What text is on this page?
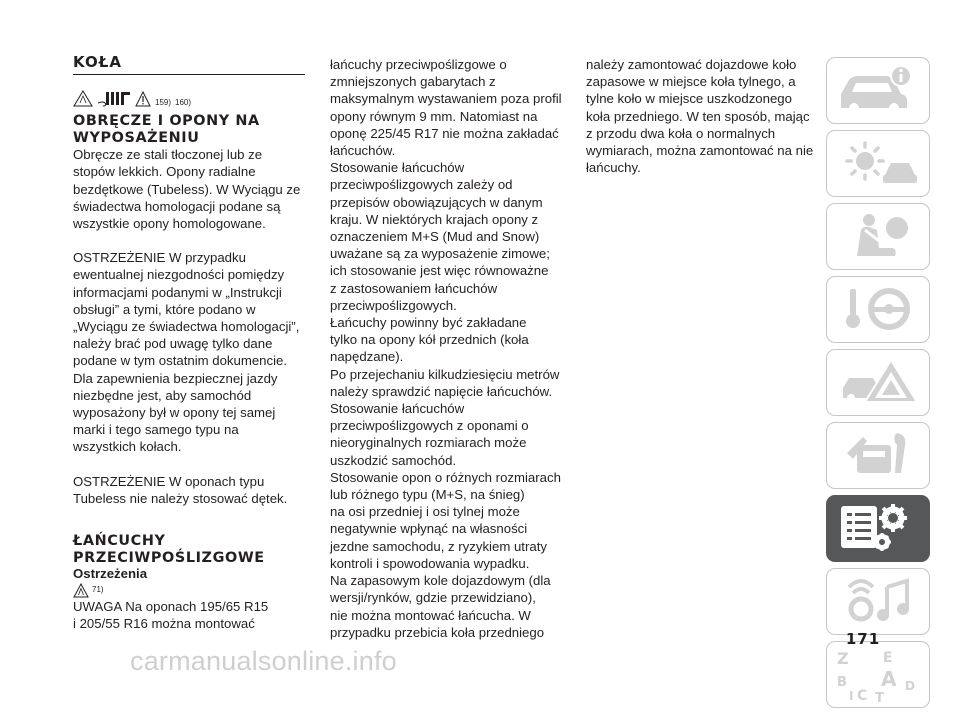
KOŁA
159) 160)
OBRĘCZE I OPONY NA
WYPOSAŻENIU

Obręcze ze stali tłoczonej lub ze
stopów lekkich. Opony radialne
bezdętkowe (Tubeless). W Wyciągu ze
świadectwa homologacji podane są
wszystkie opony homologowane.

OSTRZEŻENIE W przypadku
ewentualnej niezgodności pomiędzy
informacjami podanymi w „Instrukcji
obsługi” a tymi, które podano w
„Wyciągu ze świadectwa homologacji”,
należy brać pod uwagę tylko dane
podane w tym ostatnim dokumencie.
Dla zapewnienia bezpiecznej jazdy
niezbędne jest, aby samochód
wyposażony był w opony tej samej
marki i tego samego typu na
wszystkich kołach.

OSTRZEŻENIE W oponach typu
Tubeless nie należy stosować dętek.

ŁAŃCUCHY
PRZECIWPOŚLIZGOWE
Ostrzeżenia
71)

UWAGA Na oponach 195/65 R15
i 205/55 R16 można montować

łańcuchy przeciwpoślizgowe o
zmniejszonych gabarytach z
maksymalnym wystawaniem poza profil
opony równym 9 mm. Natomiast na
oponę 225/45 R17 nie można zakładać
łańcuchów.

Stosowanie łańcuchów
przeciwpoślizgowych zależy od
przepisów obowiązujących w danym
kraju. W niektórych krajach opony z
oznaczeniem M+S (Mud and Snow)
uważane są za wyposażenie zimowe;
ich stosowanie jest więc równoważne
z zastosowaniem łańcuchów
przeciwpoślizgowych.

Łańcuchy powinny być zakładane
tylko na opony kół przednich (koła
napędzane).

Po przejechaniu kilkudziesięciu metrów
należy sprawdzić napięcie łańcuchów.

Stosowanie łańcuchów
przeciwpoślizgowych z oponami o
nieoryginalnych rozmiarach może
uszkodzić samochód.

Stosowanie opon o różnych rozmiarach
lub różnego typu (M+S, na śnieg)
na osi przedniej i osi tylnej może
negatywnie wpłynąć na własności
jezdne samochodu, z ryzykiem utraty
kontroli i spowodowania wypadku.

Na zapasowym kole dojazdowym (dla
wersji/rynków, gdzie przewidziano),
nie można montować łańcucha. W
przypadku przebicia koła przedniego

należy zamontować dojazdowe koło
zapasowe w miejsce koła tylnego, a
tylne koło w miejsce uszkodzonego
koła przedniego. W ten sposób, mając
z przodu dwa koła o normalnych
wymiarach, można zamontować na nie
łańcuchy.

Z E
B A
I C T
D
171
carmanualsonline.info
